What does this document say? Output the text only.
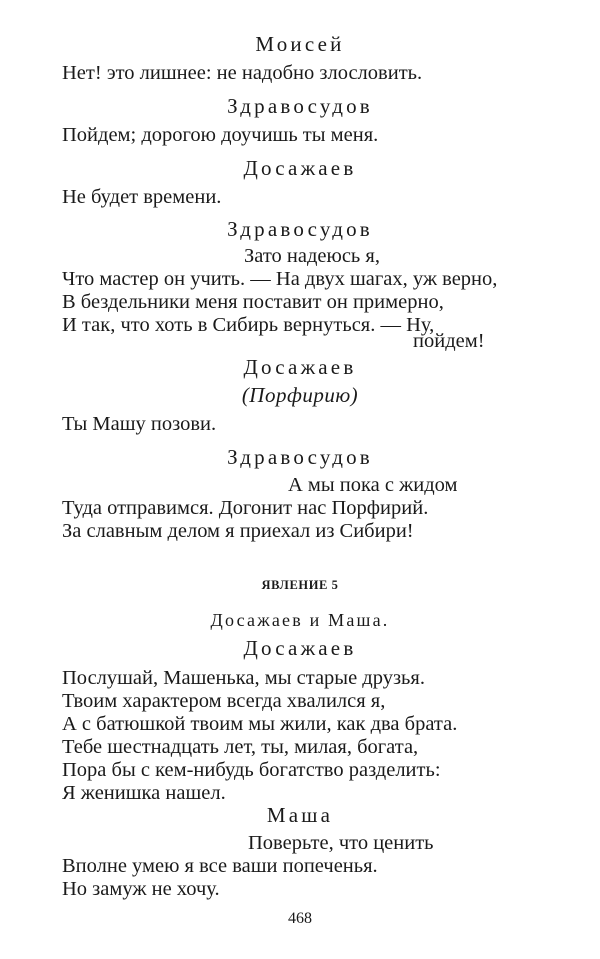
Моисей
Нет! это лишнее: не надобно злословить.
Здравосудов
Пойдем; дорогою доучишь ты меня.
Досажаев
Не будет времени.
Здравосудов
Зато надеюсь я,
Что мастер он учить. — На двух шагах, уж верно,
В бездельники меня поставит он примерно,
И так, что хоть в Сибирь вернуться. — Ну,
пойдем!
Досажаев
(Порфирию)
Ты Машу позови.
Здравосудов
А мы пока с жидом
Туда отправимся. Догонит нас Порфирий.
За славным делом я приехал из Сибири!
ЯВЛЕНИЕ 5
Досажаев и Маша.
Досажаев
Послушай, Машенька, мы старые друзья.
Твоим характером всегда хвалился я,
А с батюшкой твоим мы жили, как два брата.
Тебе шестнадцать лет, ты, милая, богата,
Пора бы с кем-нибудь богатство разделить:
Я женишка нашел.
Маша
Поверьте, что ценить
Вполне умею я все ваши попеченья.
Но замуж не хочу.
468
